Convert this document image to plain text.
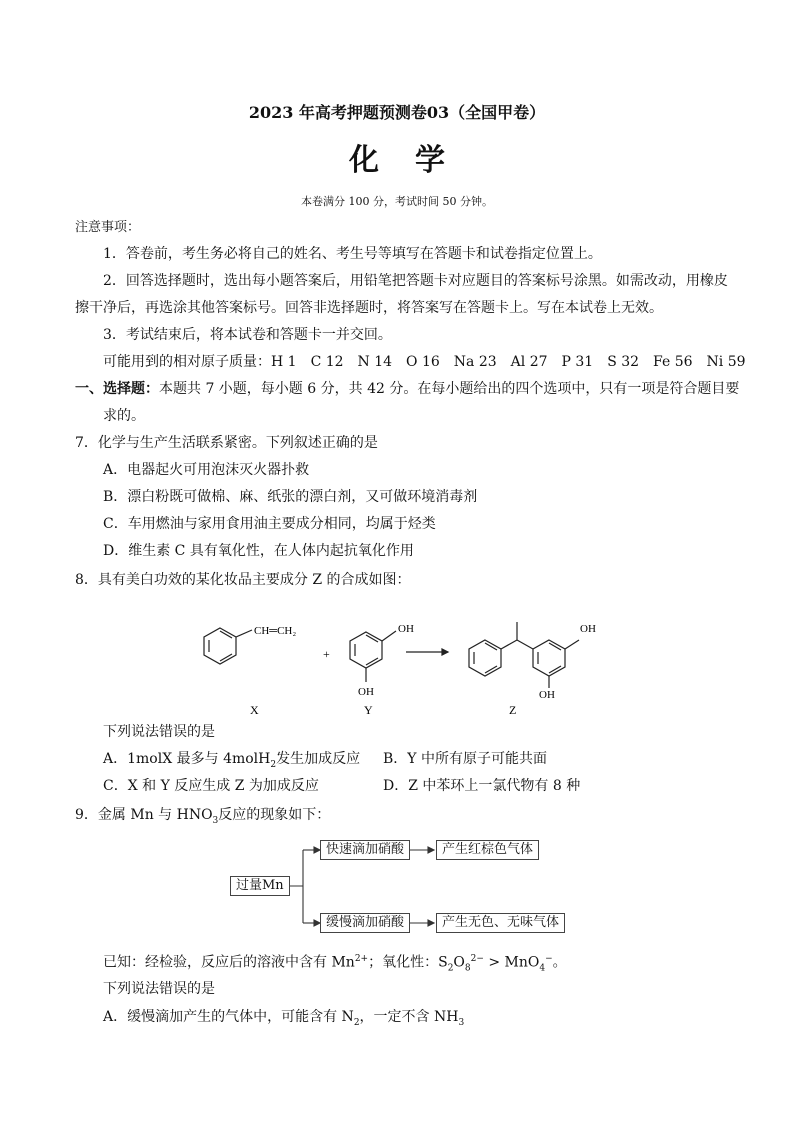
2023 年高考押题预测卷03（全国甲卷）
化学
本卷满分 100 分，考试时间 50 分钟。
注意事项：
1．答卷前，考生务必将自己的姓名、考生号等填写在答题卡和试卷指定位置上。
2．回答选择题时，选出每小题答案后，用铅笔把答题卡对应题目的答案标号涂黑。如需改动，用橡皮
擦干净后，再选涂其他答案标号。回答非选择题时，将答案写在答题卡上。写在本试卷上无效。
3．考试结束后，将本试卷和答题卡一并交回。
可能用到的相对原子质量：H 1　C 12　N 14　O 16　Na 23　Al 27　P 31　S 32　Fe 56　Ni 59
一、选择题：本题共 7 小题，每小题 6 分，共 42 分。在每小题给出的四个选项中，只有一项是符合题目要
求的。
7．化学与生产生活联系紧密。下列叙述正确的是
A．电器起火可用泡沫灭火器扑救
B．漂白粉既可做棉、麻、纸张的漂白剂，又可做环境消毒剂
C．车用燃油与家用食用油主要成分相同，均属于烃类
D．维生素 C 具有氧化性，在人体内起抗氧化作用
8．具有美白功效的某化妆品主要成分 Z 的合成如图：
CH═CH₂
+
OH
OH
OH
OH
X	Y	Z
下列说法错误的是
A．1molX 最多与 4molH$_2$发生加成反应 B．Y 中所有原子可能共面
C．X 和 Y 反应生成 Z 为加成反应	D．Z 中苯环上一氯代物有 8 种
9．金属 Mn 与 $HNO_3$反应的现象如下：
过量Mn
快速滴加硝酸	产生红棕色气体
缓慢滴加硝酸	产生无色、无味气体
已知：经检验，反应后的溶液中含有 $Mn^{2+}$；氧化性：$S_2O_8^{2-} > MnO_4^-$。
下列说法错误的是
A．缓慢滴加产生的气体中，可能含有 $N_2$，一定不含 $NH_3$
